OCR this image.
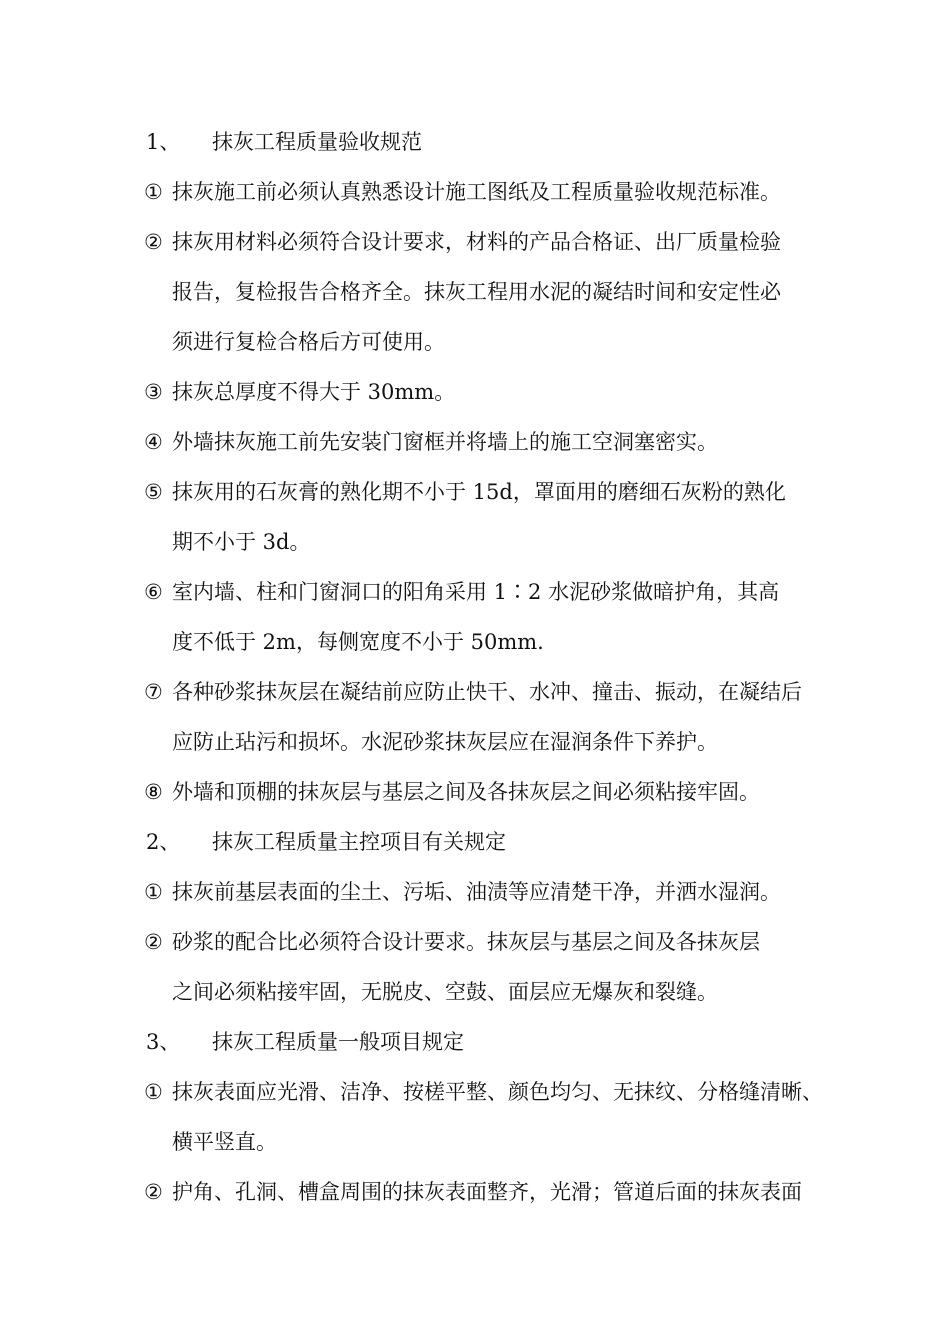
1、 抹灰工程质量验收规范
① 抹灰施工前必须认真熟悉设计施工图纸及工程质量验收规范标准。
② 抹灰用材料必须符合设计要求，材料的产品合格证、出厂质量检验
报告，复检报告合格齐全。抹灰工程用水泥的凝结时间和安定性必
须进行复检合格后方可使用。
③ 抹灰总厚度不得大于 30mm。
④ 外墙抹灰施工前先安装门窗框并将墙上的施工空洞塞密实。
⑤ 抹灰用的石灰膏的熟化期不小于 15d，罩面用的磨细石灰粉的熟化
期不小于 3d。
⑥ 室内墙、柱和门窗洞口的阳角采用 1∶2 水泥砂浆做暗护角，其高
度不低于 2m，每侧宽度不小于 50mm.
⑦ 各种砂浆抹灰层在凝结前应防止快干、水冲、撞击、振动，在凝结后
应防止玷污和损坏。水泥砂浆抹灰层应在湿润条件下养护。
⑧ 外墙和顶棚的抹灰层与基层之间及各抹灰层之间必须粘接牢固。
2、 抹灰工程质量主控项目有关规定
① 抹灰前基层表面的尘土、污垢、油渍等应清楚干净，并洒水湿润。
② 砂浆的配合比必须符合设计要求。抹灰层与基层之间及各抹灰层
之间必须粘接牢固，无脱皮、空鼓、面层应无爆灰和裂缝。
3、 抹灰工程质量一般项目规定
① 抹灰表面应光滑、洁净、按槎平整、颜色均匀、无抹纹、分格缝清晰、
横平竖直。
② 护角、孔洞、槽盒周围的抹灰表面整齐，光滑；管道后面的抹灰表面
